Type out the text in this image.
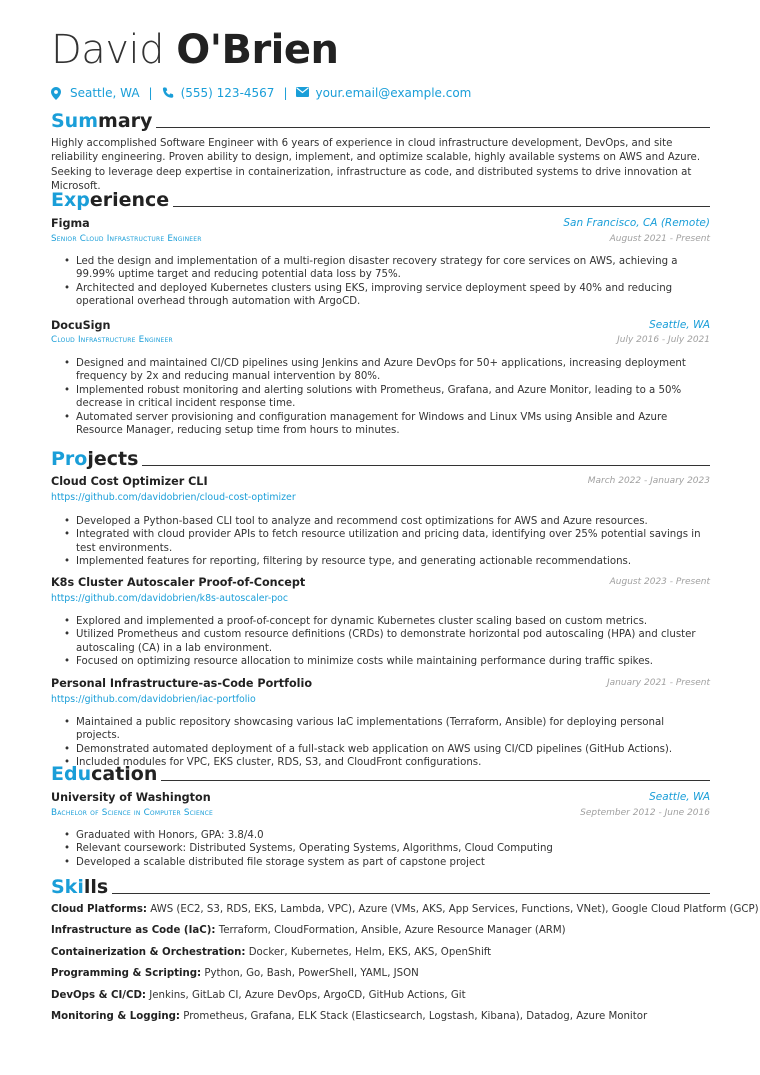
David O'Brien
Seattle, WA | (555) 123-4567 | your.email@example.com
Summary
Highly accomplished Software Engineer with 6 years of experience in cloud infrastructure development, DevOps, and site reliability engineering. Proven ability to design, implement, and optimize scalable, highly available systems on AWS and Azure. Seeking to leverage deep expertise in containerization, infrastructure as code, and distributed systems to drive innovation at Microsoft.
Experience
Figma	San Francisco, CA (Remote)
Senior Cloud Infrastructure Engineer	August 2021 - Present
• Led the design and implementation of a multi-region disaster recovery strategy for core services on AWS, achieving a 99.99% uptime target and reducing potential data loss by 75%.
• Architected and deployed Kubernetes clusters using EKS, improving service deployment speed by 40% and reducing operational overhead through automation with ArgoCD.
DocuSign	Seattle, WA
Cloud Infrastructure Engineer	July 2016 - July 2021
• Designed and maintained CI/CD pipelines using Jenkins and Azure DevOps for 50+ applications, increasing deployment frequency by 2x and reducing manual intervention by 80%.
• Implemented robust monitoring and alerting solutions with Prometheus, Grafana, and Azure Monitor, leading to a 50% decrease in critical incident response time.
• Automated server provisioning and configuration management for Windows and Linux VMs using Ansible and Azure Resource Manager, reducing setup time from hours to minutes.
Projects
Cloud Cost Optimizer CLI	March 2022 - January 2023
https://github.com/davidobrien/cloud-cost-optimizer
• Developed a Python-based CLI tool to analyze and recommend cost optimizations for AWS and Azure resources.
• Integrated with cloud provider APIs to fetch resource utilization and pricing data, identifying over 25% potential savings in test environments.
• Implemented features for reporting, filtering by resource type, and generating actionable recommendations.
K8s Cluster Autoscaler Proof-of-Concept	August 2023 - Present
https://github.com/davidobrien/k8s-autoscaler-poc
• Explored and implemented a proof-of-concept for dynamic Kubernetes cluster scaling based on custom metrics.
• Utilized Prometheus and custom resource definitions (CRDs) to demonstrate horizontal pod autoscaling (HPA) and cluster autoscaling (CA) in a lab environment.
• Focused on optimizing resource allocation to minimize costs while maintaining performance during traffic spikes.
Personal Infrastructure-as-Code Portfolio	January 2021 - Present
https://github.com/davidobrien/iac-portfolio
• Maintained a public repository showcasing various IaC implementations (Terraform, Ansible) for deploying personal projects.
• Demonstrated automated deployment of a full-stack web application on AWS using CI/CD pipelines (GitHub Actions).
• Included modules for VPC, EKS cluster, RDS, S3, and CloudFront configurations.
Education
University of Washington	Seattle, WA
Bachelor of Science in Computer Science	September 2012 - June 2016
• Graduated with Honors, GPA: 3.8/4.0
• Relevant coursework: Distributed Systems, Operating Systems, Algorithms, Cloud Computing
• Developed a scalable distributed file storage system as part of capstone project
Skills
Cloud Platforms: AWS (EC2, S3, RDS, EKS, Lambda, VPC), Azure (VMs, AKS, App Services, Functions, VNet), Google Cloud Platform (GCP)
Infrastructure as Code (IaC): Terraform, CloudFormation, Ansible, Azure Resource Manager (ARM)
Containerization & Orchestration: Docker, Kubernetes, Helm, EKS, AKS, OpenShift
Programming & Scripting: Python, Go, Bash, PowerShell, YAML, JSON
DevOps & CI/CD: Jenkins, GitLab CI, Azure DevOps, ArgoCD, GitHub Actions, Git
Monitoring & Logging: Prometheus, Grafana, ELK Stack (Elasticsearch, Logstash, Kibana), Datadog, Azure Monitor
